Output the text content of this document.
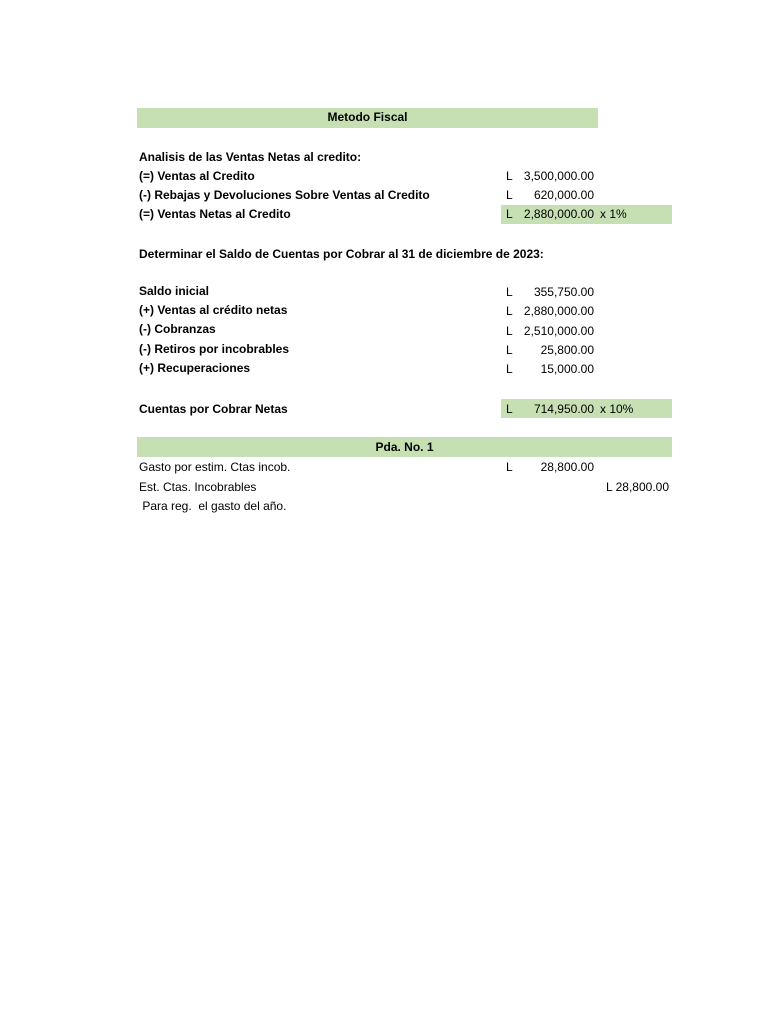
Metodo Fiscal
Analisis de las Ventas Netas al credito:
(=) Ventas al Credito	L 3,500,000.00
(-) Rebajas y Devoluciones Sobre Ventas al Credito	L	620,000.00
(=) Ventas Netas al Credito	L 2,880,000.00 x 1%
Determinar el Saldo de Cuentas por Cobrar al 31 de diciembre de 2023:
Saldo inicial	L	355,750.00
(+) Ventas al crédito netas	L 2,880,000.00
(-) Cobranzas	L 2,510,000.00
(-) Retiros por incobrables	L	25,800.00
(+) Recuperaciones	L	15,000.00
Cuentas por Cobrar Netas	L	714,950.00 x 10%
Pda. No. 1
Gasto por estim. Ctas incob.	L	28,800.00
Est. Ctas. Incobrables	L 28,800.00
Para reg.  el gasto del año.
